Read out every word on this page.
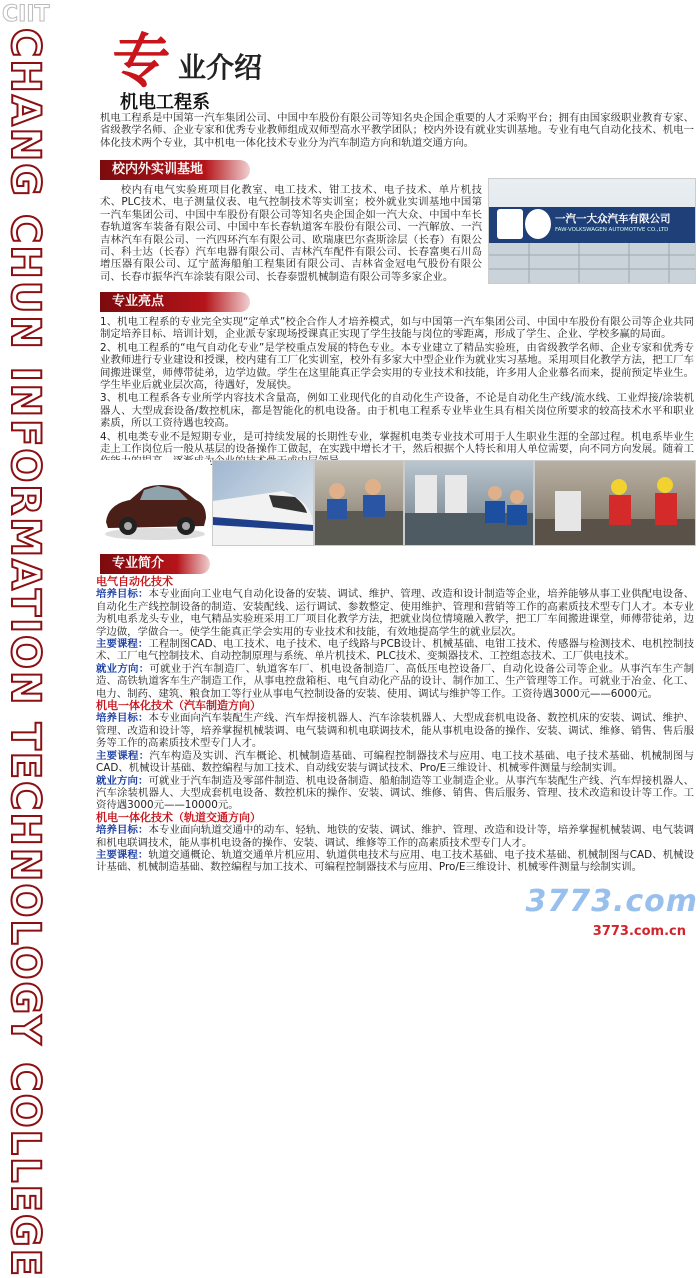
CIIT
CHANG CHUN INFORMATION TECHNOLOGY COLLEGE 专 业介绍
机电工程系

机电工程系是中国第一汽车集团公司、中国中车股份有限公司等知名央企国企重要的人才采购平台；拥有由国家级职业教育专家、省级教学名师、企业专家和优秀专业教师组成双师型高水平教学团队；校内外设有就业实训基地。专业有电气自动化技术、机电一体化技术两个专业，其中机电一体化技术专业分为汽车制造方向和轨道交通方向。

校内外实训基地

校内有电气实验班项目化教室、电工技术、钳工技术、电子技术、单片机技术、PLC技术、电子测量仪表、电气控制技术等实训室；校外就业实训基地中国第一汽车集团公司、中国中车股份有限公司等知名央企国企如一汽大众、中国中车长春轨道客车装备有限公司、中国中车长春轨道客车股份有限公司、一汽解放、一汽吉林汽车有限公司、一汽四环汽车有限公司、欧瑞康巴尔查斯涂层（长春）有限公司、科士达（长春）汽车电器有限公司、吉林汽车配件有限公司、长春富奥石川岛增压器有限公司、辽宁蓝海船舶工程集团有限公司、吉林省金冠电气股份有限公司、长春市振华汽车涂装有限公司、长春泰盟机械制造有限公司等多家企业。

一汽一大众汽车有限公司
FAW-VOLKSWAGEN AUTOMOTIVE CO.,LTD
专业亮点

1、机电工程系的专业完全实现“定单式”校企合作人才培养模式，如与中国第一汽车集团公司、中国中车股份有限公司等企业共同制定培养目标、培训计划，企业派专家现场授课真正实现了学生技能与岗位的零距离，形成了学生、企业、学校多赢的局面。

2、机电工程系的“电气自动化专业”是学校重点发展的特色专业。本专业建立了精品实验班，由省级教学名师、企业专家和优秀专业教师进行专业建设和授课，校内建有工厂化实训室，校外有多家大中型企业作为就业实习基地。采用项目化教学方法，把工厂车间搬进课堂，师傅带徒弟，边学边做。学生在这里能真正学会实用的专业技术和技能，许多用人企业慕名而来，提前预定毕业生。学生毕业后就业层次高，待遇好，发展快。

3、机电工程系各专业所学内容技术含量高，例如工业现代化的自动化生产设备，不论是自动化生产线/流水线、工业焊接/涂装机器人、大型成套设备/数控机床，都是智能化的机电设备。由于机电工程系专业毕业生具有相关岗位所要求的较高技术水平和职业素质，所以工资待遇也较高。

4、机电类专业不是短期专业，是可持续发展的长期性专业，掌握机电类专业技术可用于人生职业生涯的全部过程。机电系毕业生走上工作岗位后一般从基层的设备操作工做起，在实践中增长才干，然后根据个人特长和用人单位需要，向不同方向发展。随着工

专业简介
电气自动化技术
培养目标：本专业面向工业电气自动化设备的安装、调试、维护、管理、改造和设计制造等企业，培养能够从事工业供配电设备、自动化生产线控制设备的制造、安装配线、运行调试、参数整定、使用维护、管理和营销等工作的高素质技术型专门人才。本专业为机电系龙头专业，电气精品实验班采用工厂项目化教学方法，把就业岗位情境融入教学，把工厂车间搬进课堂，师傅带徒弟，边学边做，学做合一。使学生能真正学会实用的专业技术和技能，有效地提高学生的就业层次。
主要课程：工程制图CAD、电工技术、电子技术、电子线路与PCB设计、机械基础、电钳工技术、传感器与检测技术、电机控制技术、工厂电气控制技术、自动控制原理与系统、单片机技术、PLC技术、变频器技术、工控组态技术、工厂供电技术。
就业方向：可就业于汽车制造厂、轨道客车厂、机电设备制造厂、高低压电控设备厂、自动化设备公司等企业。从事汽车生产制造、高铁轨道客车生产制造工作，从事电控盘箱柜、电气自动化产品的设计、制作加工、生产管理等工作。可就业于冶金、化工、电力、制药、建筑、粮食加工等行业从事电气控制设备的安装、使用、调试与维护等工作。工资待遇3000元——6000元。
机电一体化技术（汽车制造方向）
培养目标：本专业面向汽车装配生产线、汽车焊接机器人、汽车涂装机器人、大型成套机电设备、数控机床的安装、调试、维护、管理、改造和设计等，培养掌握机械装调、电气装调和机电联调技术，能从事机电设备的操作、安装、调试、维修、销售、售后服务等工作的高素质技术型专门人才。
主要课程：汽车构造及实训、汽车概论、机械制造基础、可编程控制器技术与应用、电工技术基础、电子技术基础、机械制图与CAD、机械设计基础、数控编程与加工技术、自动线安装与调试技术、Pro/E三维设计、机械零件测量与绘制实训。
就业方向：可就业于汽车制造及零部件制造、机电设备制造、船舶制造等工业制造企业。从事汽车装配生产线、汽车焊接机器人、汽车涂装机器人、大型成套机电设备、数控机床的操作、安装、调试、维修、销售、售后服务、管理、技术改造和设计等工作。工资待遇3000元——10000元。
机电一体化技术（轨道交通方向）
培养目标：本专业面向轨道交通中的动车、轻轨、地铁的安装、调试、维护、管理、改造和设计等，培养掌握机械装调、电气装调和机电联调技术，能从事机电设备的操作、安装、调试、维修等工作的高素质技术型专门人才。
主要课程：轨道交通概论、轨道交通单片机应用、轨道供电技术与应用、电工技术基础、电子技术基础、机械制图与CAD、机械设计基础、机械制造基础、数控编程与加工技术、可编程控制器技术与应用、Pro/E三维设计、机械零件测量与绘制实训。
3773.com
3773.com.cn
